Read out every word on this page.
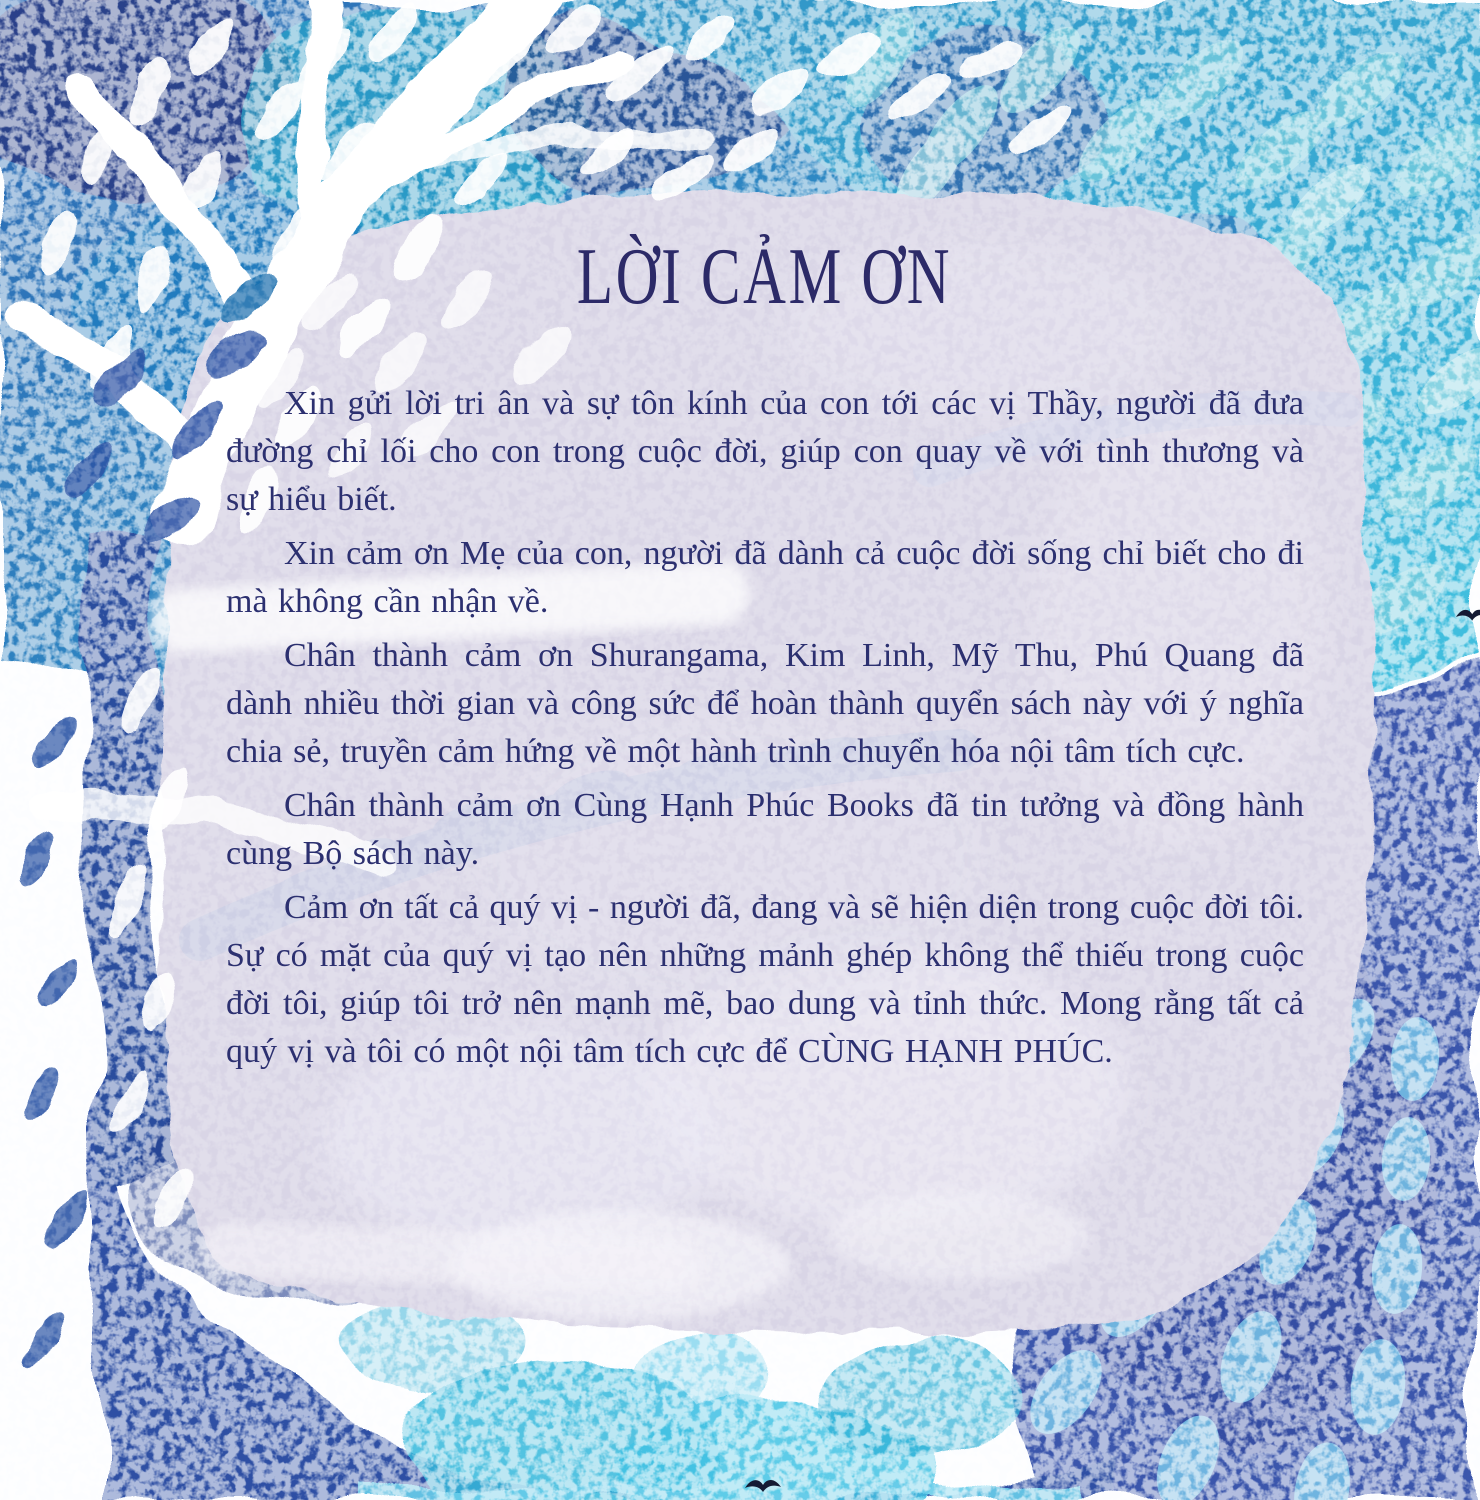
LỜI CẢM ƠN

Xin gửi lời tri ân và sự tôn kính của con tới các vị Thầy, người đã đưa đường chỉ lối cho con trong cuộc đời, giúp con quay về với tình thương và sự hiểu biết.

Xin cảm ơn Mẹ của con, người đã dành cả cuộc đời sống chỉ biết cho đi mà không cần nhận về.

Chân thành cảm ơn Shurangama, Kim Linh, Mỹ Thu, Phú Quang đã dành nhiều thời gian và công sức để hoàn thành quyển sách này với ý nghĩa chia sẻ, truyền cảm hứng về một hành trình chuyển hóa nội tâm tích cực.

Chân thành cảm ơn Cùng Hạnh Phúc Books đã tin tưởng và đồng hành cùng Bộ sách này.

Cảm ơn tất cả quý vị - người đã, đang và sẽ hiện diện trong cuộc đời tôi. Sự có mặt của quý vị tạo nên những mảnh ghép không thể thiếu trong cuộc đời tôi, giúp tôi trở nên mạnh mẽ, bao dung và tỉnh thức. Mong rằng tất cả quý vị và tôi có một nội tâm tích cực để CÙNG HẠNH PHÚC.
